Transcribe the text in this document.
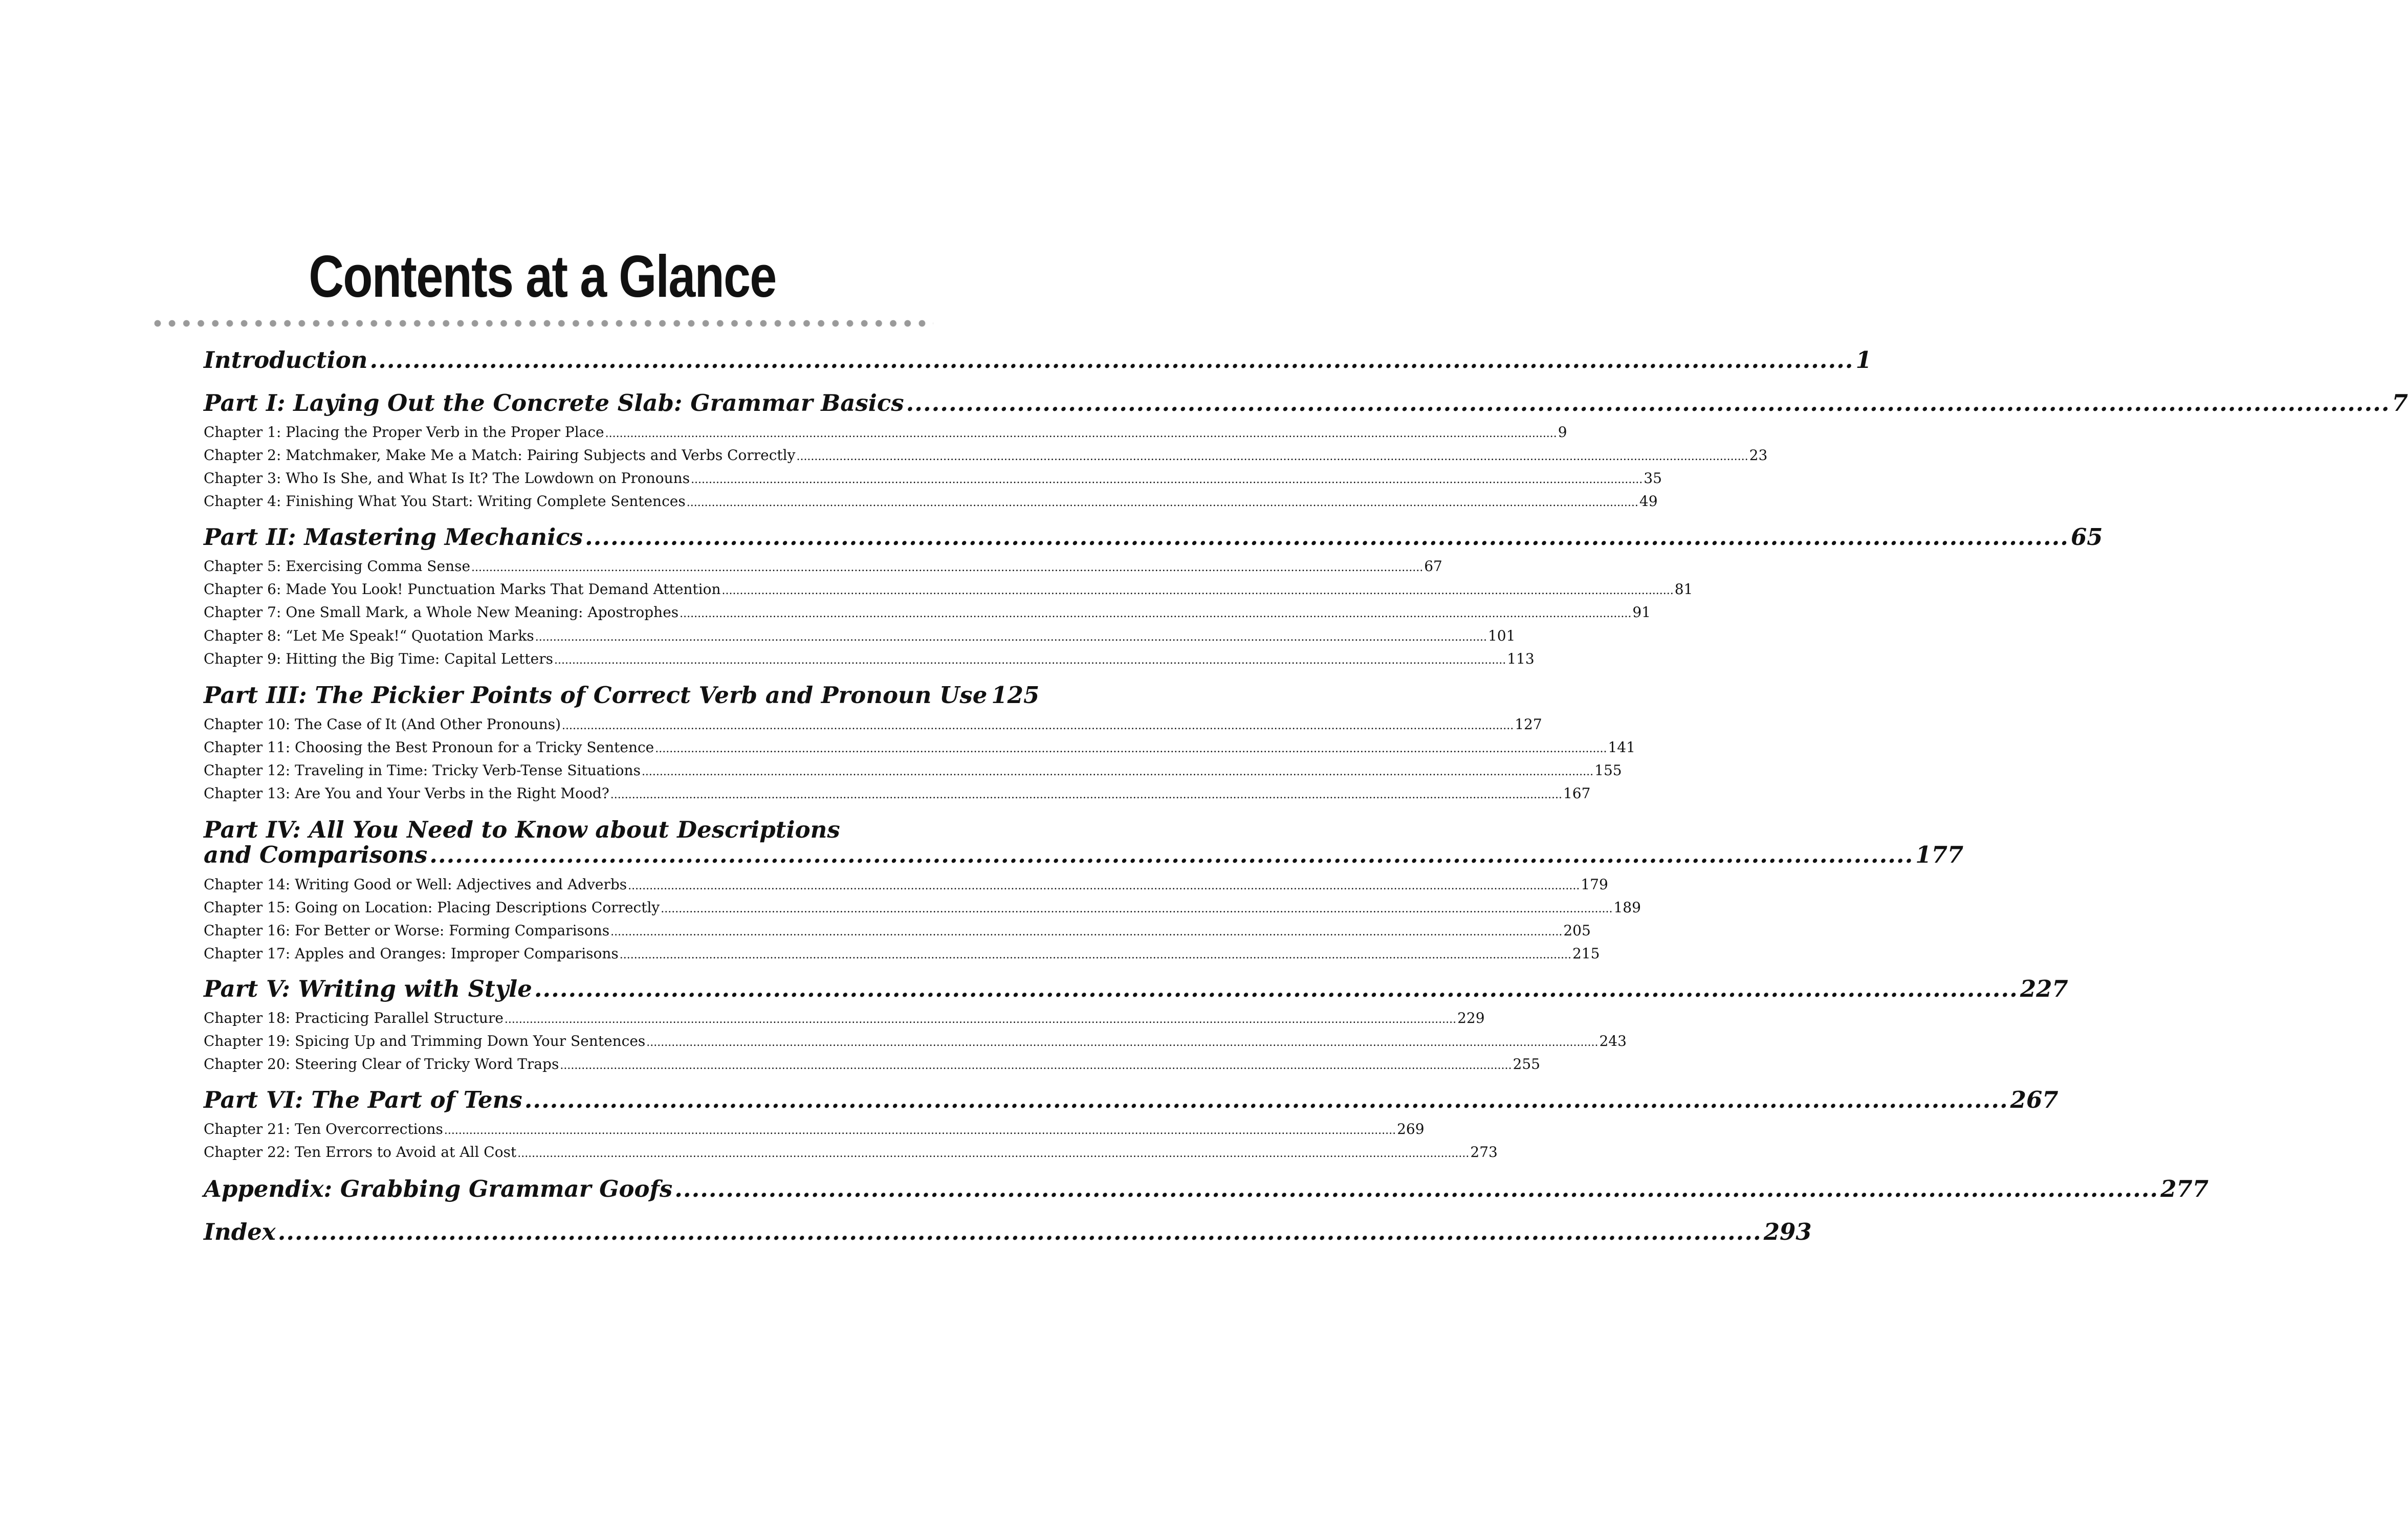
Contents at a Glance
Introduction .............................................................................................................................................................................. 1
Part I: Laying Out the Concrete Slab: Grammar Basics .............................................................................................................................................................................. 7
Chapter 1: Placing the Proper Verb in the Proper Place .......................................................................................................................................................................................................................................................................... 9
Chapter 2: Matchmaker, Make Me a Match: Pairing Subjects and Verbs Correctly .......................................................................................................................................................................................................................................................................... 23
Chapter 3: Who Is She, and What Is It? The Lowdown on Pronouns .......................................................................................................................................................................................................................................................................... 35
Chapter 4: Finishing What You Start: Writing Complete Sentences .......................................................................................................................................................................................................................................................................... 49
Part II: Mastering Mechanics .............................................................................................................................................................................. 65
Chapter 5: Exercising Comma Sense .......................................................................................................................................................................................................................................................................... 67
Chapter 6: Made You Look! Punctuation Marks That Demand Attention .......................................................................................................................................................................................................................................................................... 81
Chapter 7: One Small Mark, a Whole New Meaning: Apostrophes .......................................................................................................................................................................................................................................................................... 91
Chapter 8: “Let Me Speak!“ Quotation Marks .......................................................................................................................................................................................................................................................................... 101
Chapter 9: Hitting the Big Time: Capital Letters .......................................................................................................................................................................................................................................................................... 113
Part III: The Pickier Points of Correct Verb and Pronoun Use 125
Chapter 10: The Case of It (And Other Pronouns) .......................................................................................................................................................................................................................................................................... 127
Chapter 11: Choosing the Best Pronoun for a Tricky Sentence .......................................................................................................................................................................................................................................................................... 141
Chapter 12: Traveling in Time: Tricky Verb-Tense Situations .......................................................................................................................................................................................................................................................................... 155
Chapter 13: Are You and Your Verbs in the Right Mood? .......................................................................................................................................................................................................................................................................... 167
Part IV: All You Need to Know about Descriptions
and Comparisons .............................................................................................................................................................................. 177
Chapter 14: Writing Good or Well: Adjectives and Adverbs .......................................................................................................................................................................................................................................................................... 179
Chapter 15: Going on Location: Placing Descriptions Correctly .......................................................................................................................................................................................................................................................................... 189
Chapter 16: For Better or Worse: Forming Comparisons .......................................................................................................................................................................................................................................................................... 205
Chapter 17: Apples and Oranges: Improper Comparisons .......................................................................................................................................................................................................................................................................... 215
Part V: Writing with Style .............................................................................................................................................................................. 227
Chapter 18: Practicing Parallel Structure .......................................................................................................................................................................................................................................................................... 229
Chapter 19: Spicing Up and Trimming Down Your Sentences .......................................................................................................................................................................................................................................................................... 243
Chapter 20: Steering Clear of Tricky Word Traps .......................................................................................................................................................................................................................................................................... 255
Part VI: The Part of Tens .............................................................................................................................................................................. 267
Chapter 21: Ten Overcorrections .......................................................................................................................................................................................................................................................................... 269
Chapter 22: Ten Errors to Avoid at All Cost .......................................................................................................................................................................................................................................................................... 273
Appendix: Grabbing Grammar Goofs .............................................................................................................................................................................. 277
Index .............................................................................................................................................................................. 293
